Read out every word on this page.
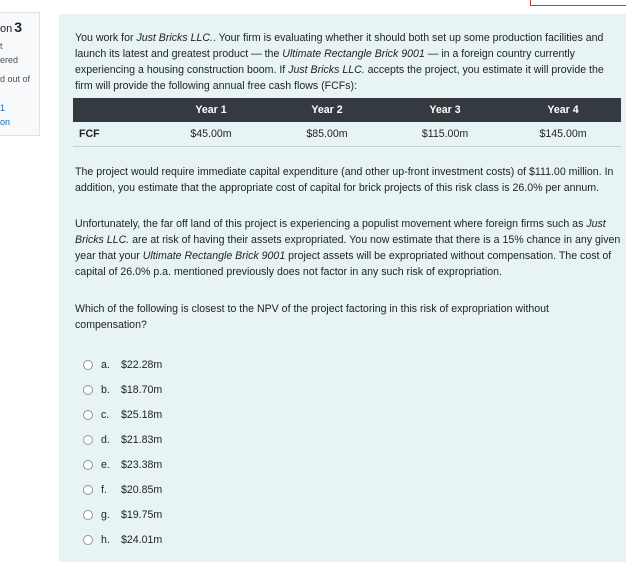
on 3
t
ered
d out of
1
on
You work for Just Bricks LLC.. Your firm is evaluating whether it should both set up some production facilities and launch its latest and greatest product — the Ultimate Rectangle Brick 9001 — in a foreign country currently experiencing a housing construction boom. If Just Bricks LLC. accepts the project, you estimate it will provide the firm will provide the following annual free cash flows (FCFs):
	Year 1	Year 2	Year 3	Year 4
FCF	$45.00m	$85.00m	$115.00m	$145.00m
The project would require immediate capital expenditure (and other up-front investment costs) of $111.00 million. In addition, you estimate that the appropriate cost of capital for brick projects of this risk class is 26.0% per annum.
Unfortunately, the far off land of this project is experiencing a populist movement where foreign firms such as Just Bricks LLC. are at risk of having their assets expropriated. You now estimate that there is a 15% chance in any given year that your Ultimate Rectangle Brick 9001 project assets will be expropriated without compensation. The cost of capital of 26.0% p.a. mentioned previously does not factor in any such risk of expropriation.
Which of the following is closest to the NPV of the project factoring in this risk of expropriation without compensation?
a.	$22.28m
b.	$18.70m
c.	$25.18m
d.	$21.83m
e.	$23.38m
f.	$20.85m
g.	$19.75m
h.	$24.01m
